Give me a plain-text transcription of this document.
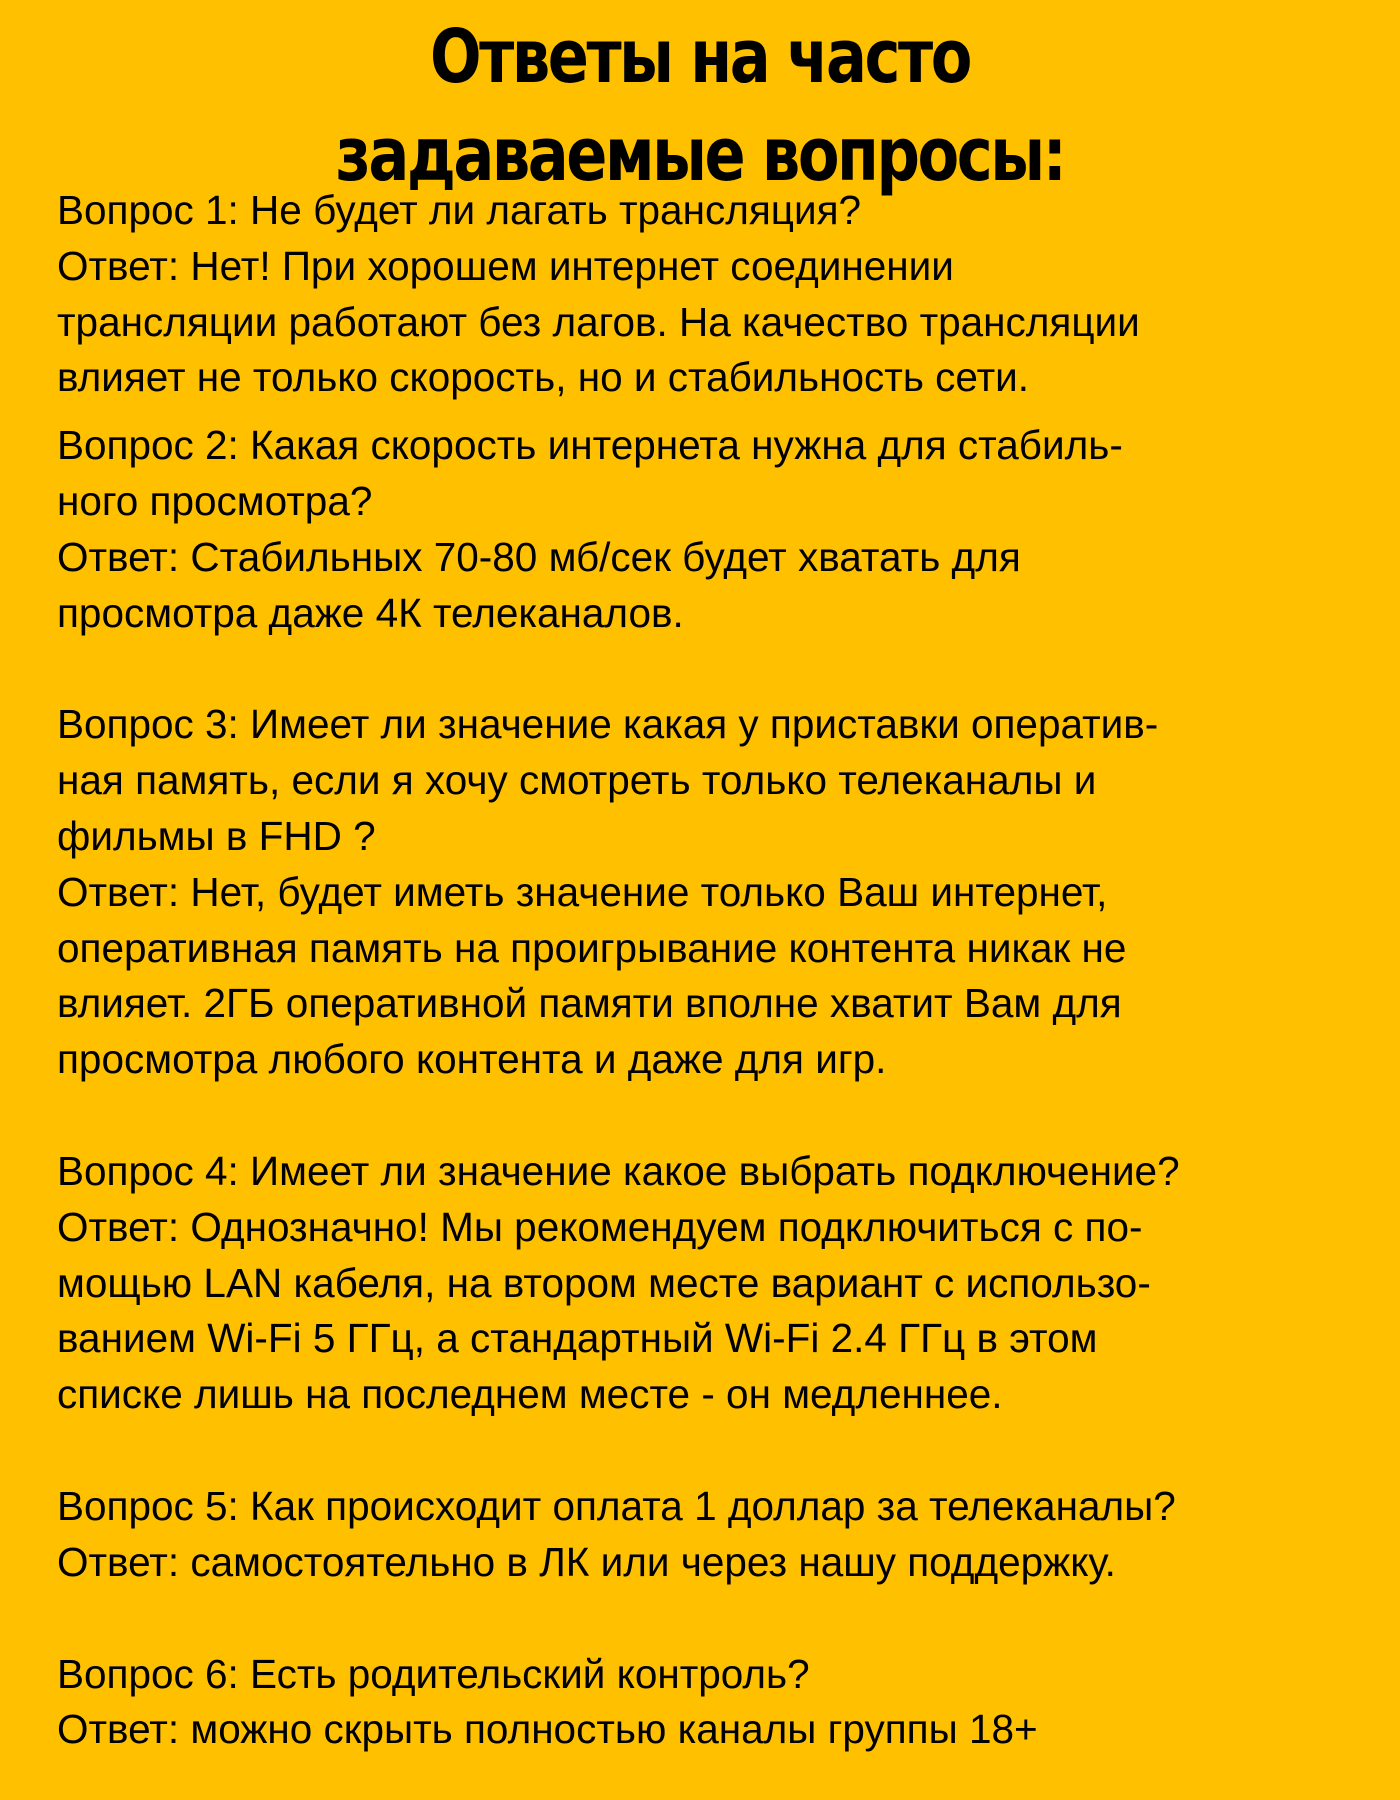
Ответы на часто
задаваемые вопросы:

Вопрос 1: Не будет ли лагать трансляция?

Ответ: Нет! При хорошем интернет соединении

трансляции работают без лагов. На качество трансляции

влияет не только скорость, но и стабильность сети.

Вопрос 2: Какая скорость интернета нужна для стабиль-

ного просмотра?

Ответ: Стабильных 70-80 мб/сек будет хватать для

просмотра даже 4К телеканалов.

Вопрос 3: Имеет ли значение какая у приставки оператив-

ная память, если я хочу смотреть только телеканалы и

фильмы в FHD ?

Ответ: Нет, будет иметь значение только Ваш интернет,

оперативная память на проигрывание контента никак не

влияет. 2ГБ оперативной памяти вполне хватит Вам для

просмотра любого контента и даже для игр.

Вопрос 4: Имеет ли значение какое выбрать подключение?

Ответ: Однозначно! Мы рекомендуем подключиться с по-

мощью LAN кабеля, на втором месте вариант с использо-

ванием Wi-Fi 5 ГГц, а стандартный Wi-Fi 2.4 ГГц в этом

списке лишь на последнем месте - он медленнее.

Вопрос 5: Как происходит оплата 1 доллар за телеканалы?

Ответ: самостоятельно в ЛК или через нашу поддержку.

Вопрос 6: Есть родительский контроль?

Ответ: можно скрыть полностью каналы группы 18+
